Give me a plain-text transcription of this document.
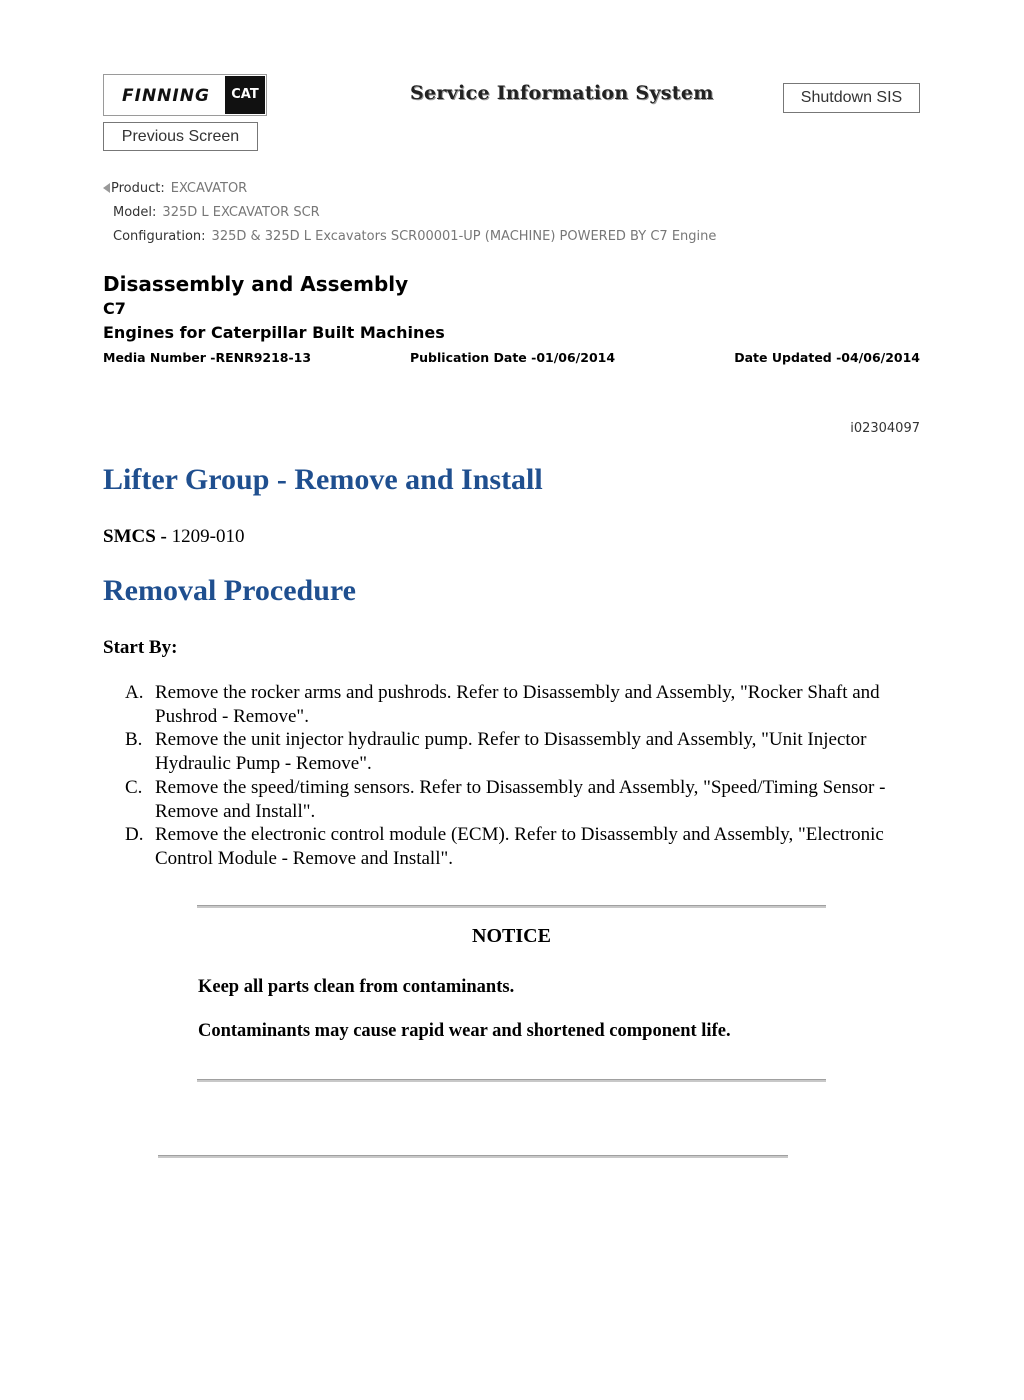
FINNING	CAT	Service Information System	Shutdown SIS
Previous Screen
Product: EXCAVATOR
Model: 325D L EXCAVATOR SCR
Configuration: 325D & 325D L Excavators SCR00001-UP (MACHINE) POWERED BY C7 Engine
Disassembly and Assembly
C7
Engines for Caterpillar Built Machines
Media Number -RENR9218-13	Publication Date -01/06/2014	Date Updated -04/06/2014
i02304097
Lifter Group - Remove and Install
SMCS - 1209-010
Removal Procedure
Start By:
A. Remove the rocker arms and pushrods. Refer to Disassembly and Assembly, "Rocker Shaft and Pushrod - Remove".
B. Remove the unit injector hydraulic pump. Refer to Disassembly and Assembly, "Unit Injector Hydraulic Pump - Remove".
C. Remove the speed/timing sensors. Refer to Disassembly and Assembly, "Speed/Timing Sensor - Remove and Install".
D. Remove the electronic control module (ECM). Refer to Disassembly and Assembly, "Electronic Control Module - Remove and Install".
NOTICE
Keep all parts clean from contaminants.
Contaminants may cause rapid wear and shortened component life.
